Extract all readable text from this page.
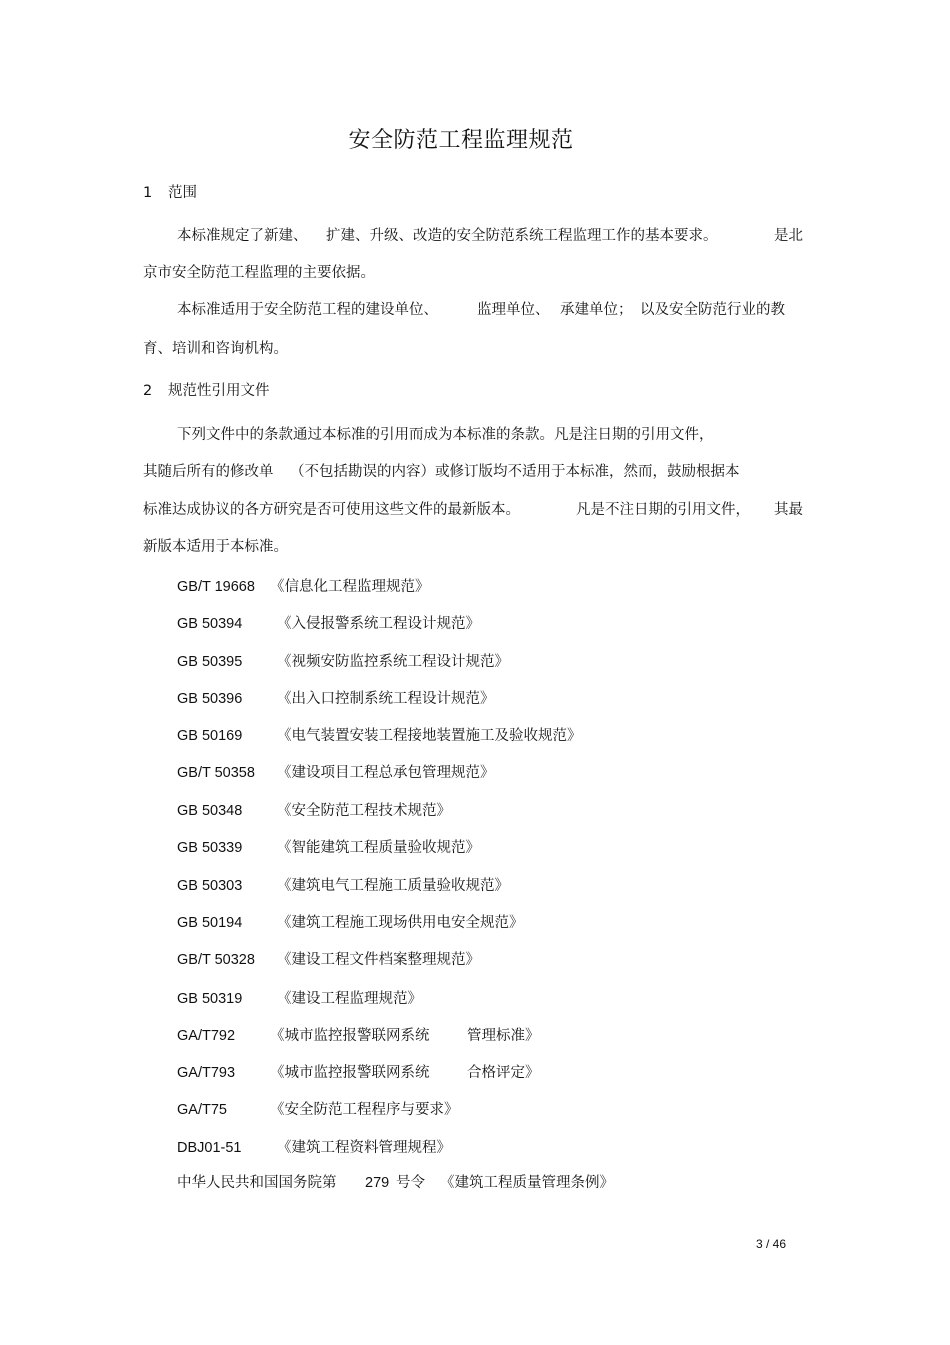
安全防范工程监理规范
1 范围
本标准规定了新建、 扩建、升级、改造的安全防范系统工程监理工作的基本要求。	是北
京市安全防范工程监理的主要依据。
本标准适用于安全防范工程的建设单位、	监理单位、 承建单位； 以及安全防范行业的教
育、培训和咨询机构。
2 规范性引用文件
下列文件中的条款通过本标准的引用而成为本标准的条款。凡是注日期的引用文件，
其随后所有的修改单 （不包括勘误的内容）或修订版均不适用于本标准，然而，鼓励根据本
标准达成协议的各方研究是否可使用这些文件的最新版本。	凡是不注日期的引用文件， 其最
新版本适用于本标准。
GB/T 19668 《信息化工程监理规范》
GB 50394 《入侵报警系统工程设计规范》
GB 50395 《视频安防监控系统工程设计规范》
GB 50396 《出入口控制系统工程设计规范》
GB 50169 《电气装置安装工程接地装置施工及验收规范》
GB/T 50358 《建设项目工程总承包管理规范》
GB 50348 《安全防范工程技术规范》
GB 50339 《智能建筑工程质量验收规范》
GB 50303 《建筑电气工程施工质量验收规范》
GB 50194 《建筑工程施工现场供用电安全规范》
GB/T 50328 《建设工程文件档案整理规范》
GB 50319 《建设工程监理规范》
GA/T792 《城市监控报警联网系统	管理标准》
GA/T793 《城市监控报警联网系统	合格评定》
GA/T75	《安全防范工程程序与要求》
DBJ01-51 《建筑工程资料管理规程》
中华人民共和国国务院第 279 号令 《建筑工程质量管理条例》
3 / 46
